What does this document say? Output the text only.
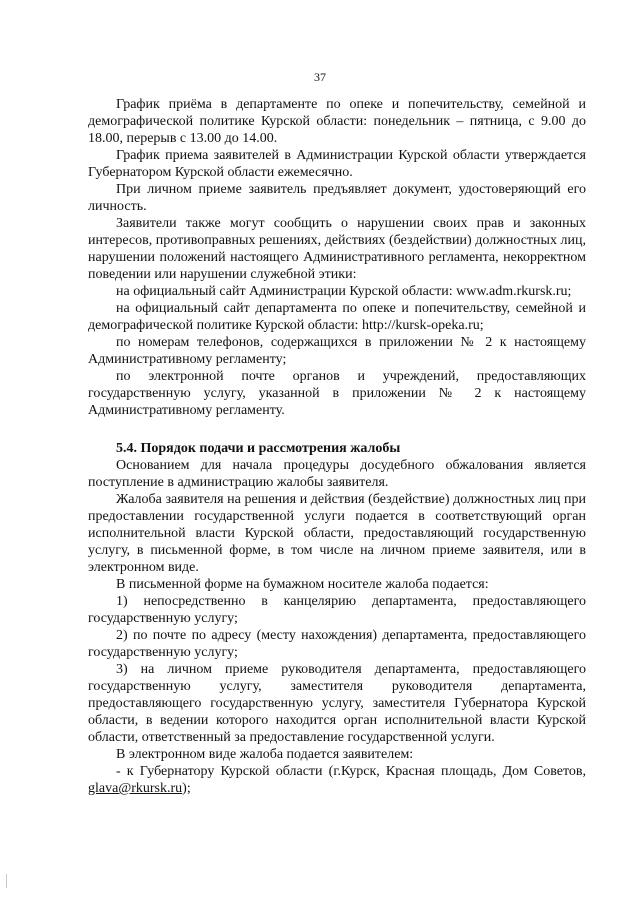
37

График приёма в департаменте по опеке и попечительству, семейной и демографической политике Курской области: понедельник – пятница, с 9.00 до 18.00, перерыв с 13.00 до 14.00.

График приема заявителей в Администрации Курской области утверждается Губернатором Курской области ежемесячно.

При личном приеме заявитель предъявляет документ, удостоверяющий его личность.

Заявители также могут сообщить о нарушении своих прав и законных интересов, противоправных решениях, действиях (бездействии) должностных лиц, нарушении положений настоящего Административного регламента, некорректном поведении или нарушении служебной этики:

на официальный сайт Администрации Курской области: www.adm.rkursk.ru;

на официальный сайт департамента по опеке и попечительству, семейной и демографической политике Курской области: http://kursk-opeka.ru;

по номерам телефонов, содержащихся в приложении № 2 к настоящему Административному регламенту;

по электронной почте органов и учреждений, предоставляющих государственную услугу, указанной в приложении № 2 к настоящему Административному регламенту.

5.4. Порядок подачи и рассмотрения жалобы

Основанием для начала процедуры досудебного обжалования является поступление в администрацию жалобы заявителя.

Жалоба заявителя на решения и действия (бездействие) должностных лиц при предоставлении государственной услуги подается в соответствующий орган исполнительной власти Курской области, предоставляющий государственную услугу, в письменной форме, в том числе на личном приеме заявителя, или в электронном виде.

В письменной форме на бумажном носителе жалоба подается:

1) непосредственно в канцелярию департамента, предоставляющего государственную услугу;

2) по почте по адресу (месту нахождения) департамента, предоставляющего государственную услугу;

3) на личном приеме руководителя департамента, предоставляющего государственную услугу, заместителя руководителя департамента, предоставляющего государственную услугу, заместителя Губернатора Курской области, в ведении которого находится орган исполнительной власти Курской области, ответственный за предоставление государственной услуги.

В электронном виде жалоба подается заявителем:

- к Губернатору Курской области (г.Курск, Красная площадь, Дом Советов, glava@rkursk.ru);
